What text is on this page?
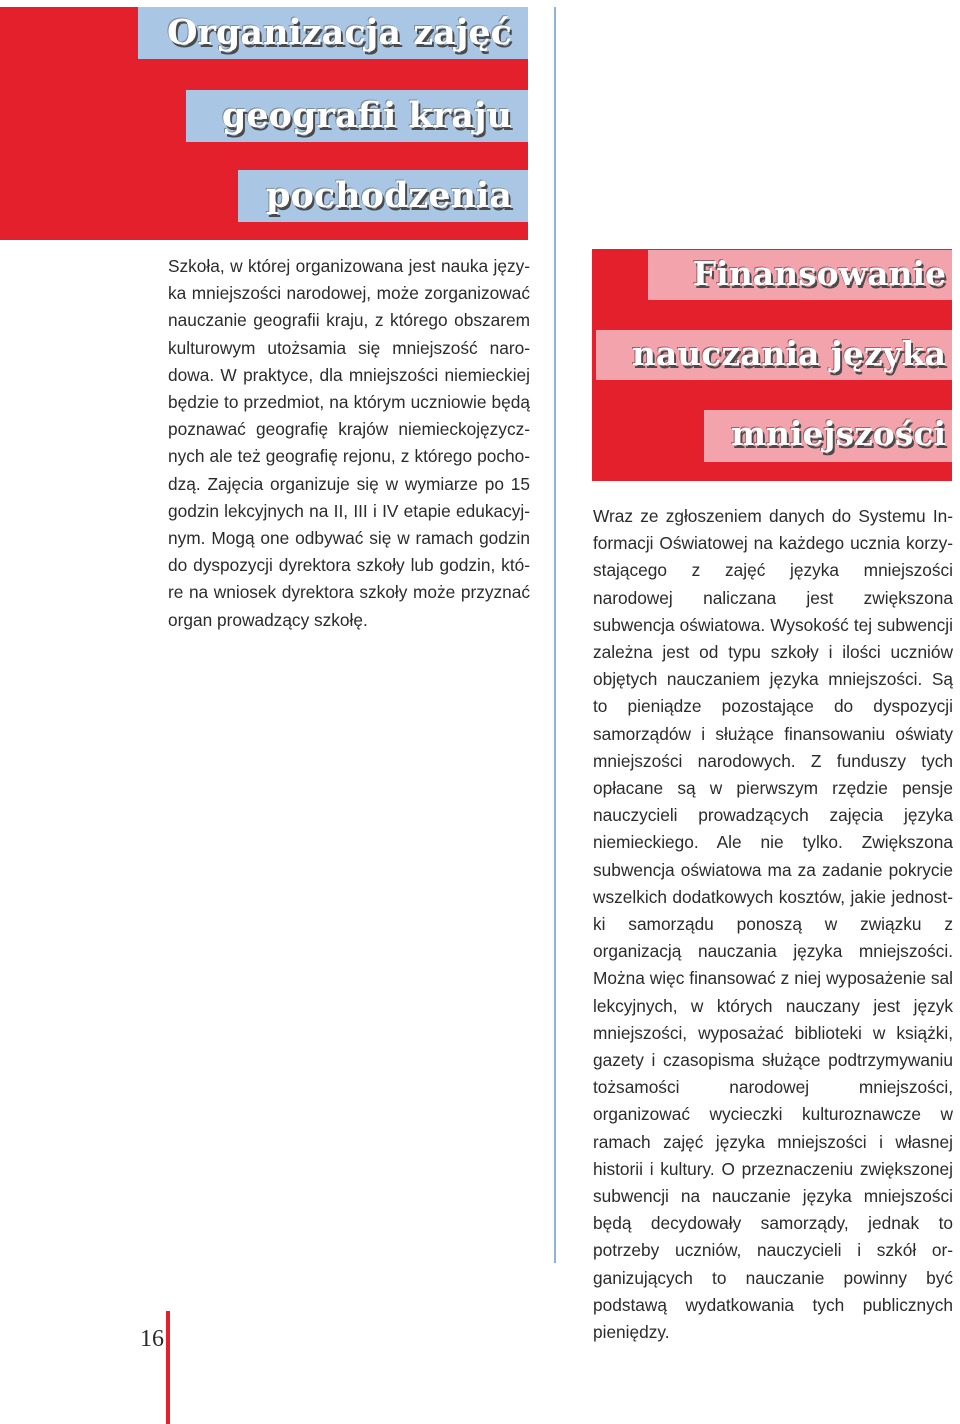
Organizacja zajęć
geografii kraju
pochodzenia

Szkoła, w której organizowana jest nauka języka mniejszości narodowej, może zorganizować nauczanie geografii kraju, z którego obszarem kulturowym utożsamia się mniejszość narodowa. W praktyce, dla mniejszości niemieckiej będzie to przedmiot, na którym uczniowie będą poznawać geografię krajów niemieckojęzycznych ale też geografię rejonu, z którego pochodzą. Zajęcia organizuje się w wymiarze po 15 godzin lekcyjnych na II, III i IV etapie edukacyjnym. Mogą one odbywać się w ramach godzin do dyspozycji dyrektora szkoły lub godzin, które na wniosek dyrektora szkoły może przyznać organ prowadzący szkołę.

Finansowanie
nauczania języka
mniejszości

Wraz ze zgłoszeniem danych do Systemu Informacji Oświatowej na każdego ucznia korzystającego z zajęć języka mniejszości narodowej naliczana jest zwiększona subwencja oświatowa. Wysokość tej subwencji zależna jest od typu szkoły i ilości uczniów objętych nauczaniem języka mniejszości. Są to pieniądze pozostające do dyspozycji samorządów i służące finansowaniu oświaty mniejszości narodowych. Z funduszy tych opłacane są w pierwszym rzędzie pensje nauczycieli prowadzących zajęcia języka niemieckiego. Ale nie tylko. Zwiększona subwencja oświatowa ma za zadanie pokrycie wszelkich dodatkowych kosztów, jakie jednostki samorządu ponoszą w związku z organizacją nauczania języka mniejszości. Można więc finansować z niej wyposażenie sal lekcyjnych, w których nauczany jest język mniejszości, wyposażać biblioteki w książki, gazety i czasopisma służące podtrzymywaniu tożsamości narodowej mniejszości, organizować wycieczki kulturoznawcze w ramach zajęć języka mniejszości i własnej historii i kultury. O przeznaczeniu zwiększonej subwencji na nauczanie języka mniejszości będą decydowały samorządy, jednak to potrzeby uczniów, nauczycieli i szkół organizujących to nauczanie powinny być podstawą wydatkowania tych publicznych pieniędzy.

16
